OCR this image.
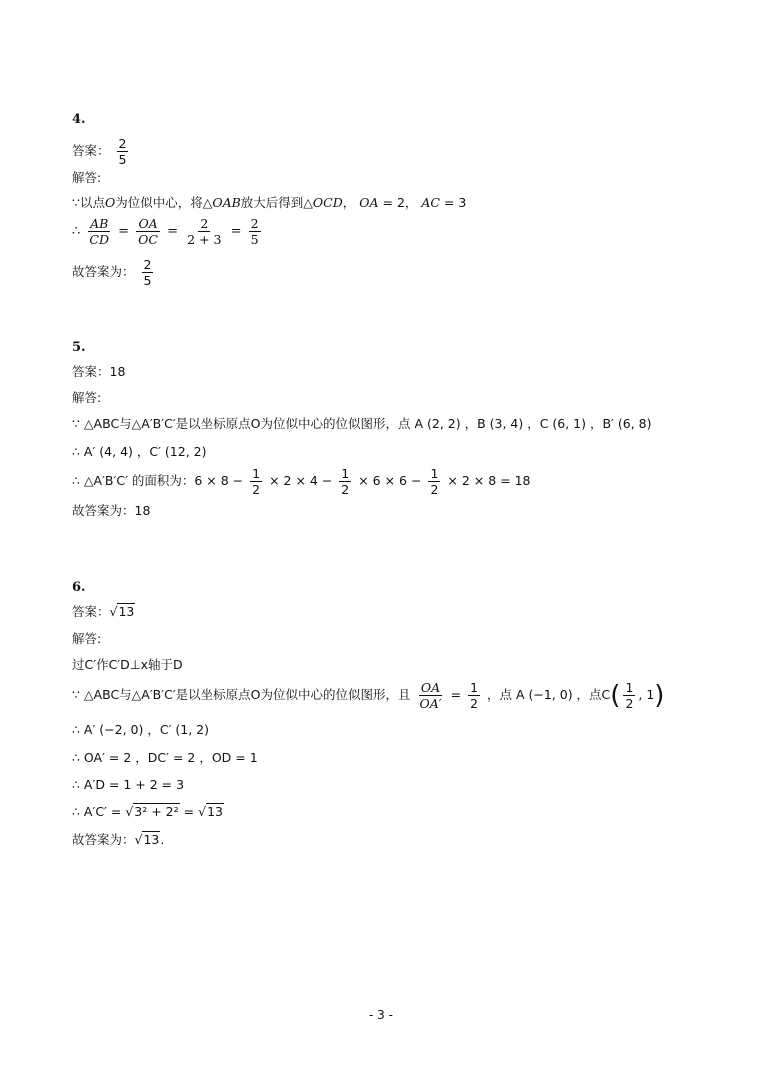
4.
答案： $\frac{2}{5}$
解答:
∵以点O为位似中心，将△OAB放大后得到△OCD， OA = 2， AC = 3
∴ $\frac{AB}{CD} = \frac{OA}{OC} = \frac{2}{2 + 3} = \frac{2}{5}$
故答案为： $\frac{2}{5}$
5.
答案：18
解答:
∵ △ABC与△A′B′C′是以坐标原点O为位似中心的位似图形，点 A (2, 2) ，B (3, 4) ，C (6, 1) ，B′ (6, 8)
∴ A′ (4, 4) ，C′ (12, 2)
∴ △A′B′C′ 的面积为：$6 \times 8 - \frac{1}{2} \times 2 \times 4 - \frac{1}{2} \times 6 \times 6 - \frac{1}{2} \times 2 \times 8 = 18$
故答案为：18
6.
答案：√13
解答:
过C′作C′D⊥x轴于D
∵ △ABC与△A′B′C′是以坐标原点O为位似中心的位似图形，且 $\frac{OA}{OA'} = \frac{1}{2}$ ，点 A (−1, 0) ，点$C( \frac{1}{2}$ , 1)
∴ A′ (−2, 0) ，C′ (1, 2)
∴ OA′ = 2 ，DC′ = 2 ，OD = 1
∴ A′D = 1 + 2 = 3
∴ A′C′ = √3² + 2² = √13
故答案为：√13.
- 3 -
